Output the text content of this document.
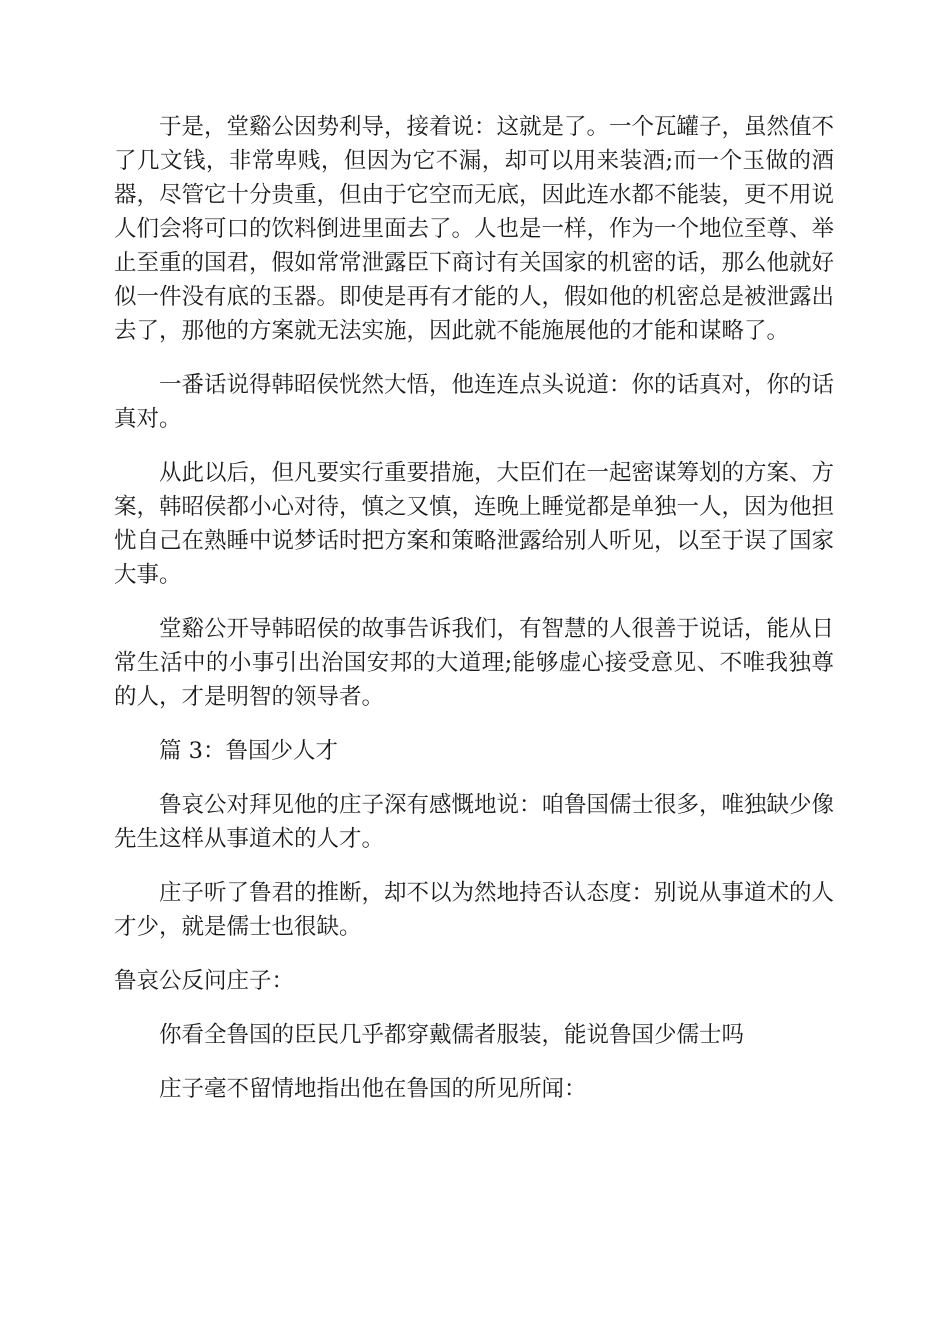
于是，堂谿公因势利导，接着说：这就是了。一个瓦罐子，虽然值不了几文钱，非常卑贱，但因为它不漏，却可以用来装酒;而一个玉做的酒器，尽管它十分贵重，但由于它空而无底，因此连水都不能装，更不用说人们会将可口的饮料倒进里面去了。人也是一样，作为一个地位至尊、举止至重的国君，假如常常泄露臣下商讨有关国家的机密的话，那么他就好似一件没有底的玉器。即使是再有才能的人，假如他的机密总是被泄露出去了，那他的方案就无法实施，因此就不能施展他的才能和谋略了。

一番话说得韩昭侯恍然大悟，他连连点头说道：你的话真对，你的话真对。

从此以后，但凡要实行重要措施，大臣们在一起密谋筹划的方案、方案，韩昭侯都小心对待，慎之又慎，连晚上睡觉都是单独一人，因为他担忧自己在熟睡中说梦话时把方案和策略泄露给别人听见，以至于误了国家大事。

堂谿公开导韩昭侯的故事告诉我们，有智慧的人很善于说话，能从日常生活中的小事引出治国安邦的大道理;能够虚心接受意见、不唯我独尊的人，才是明智的领导者。

篇 3：鲁国少人才

鲁哀公对拜见他的庄子深有感慨地说：咱鲁国儒士很多，唯独缺少像先生这样从事道术的人才。

庄子听了鲁君的推断，却不以为然地持否认态度：别说从事道术的人才少，就是儒士也很缺。

鲁哀公反问庄子：

你看全鲁国的臣民几乎都穿戴儒者服装，能说鲁国少儒士吗

庄子毫不留情地指出他在鲁国的所见所闻：
